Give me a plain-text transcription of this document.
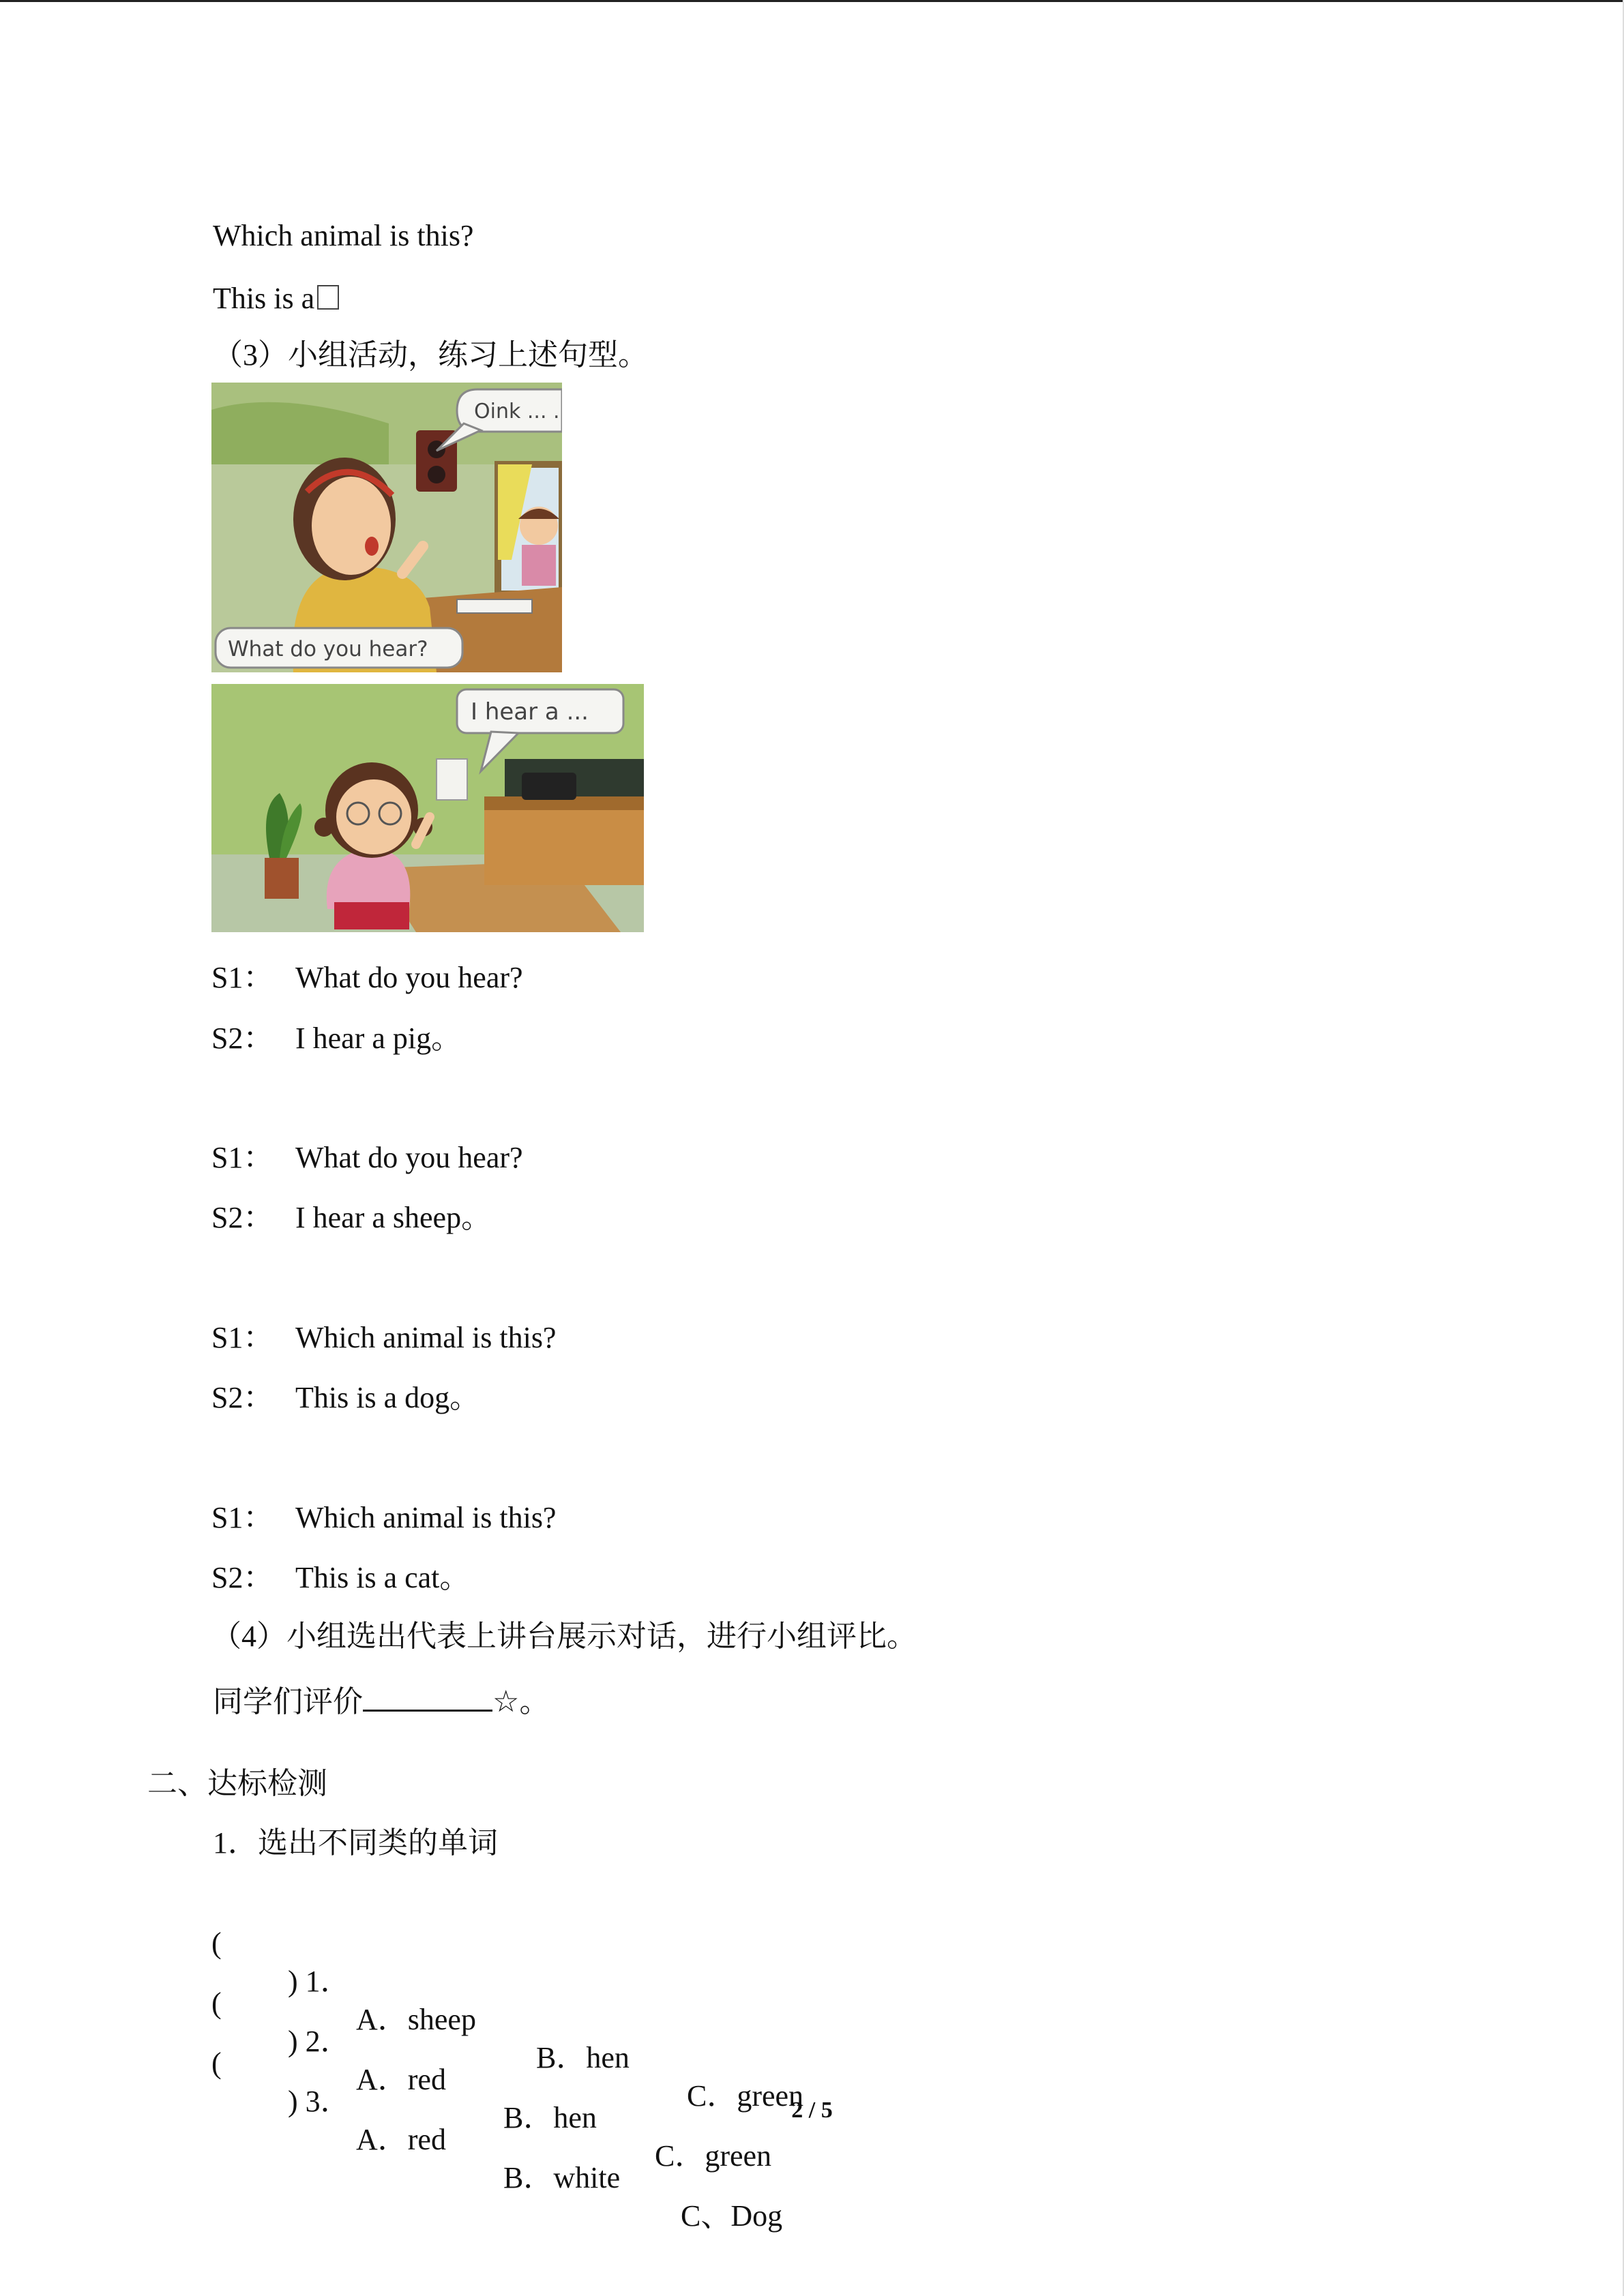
Which animal is this?
This is a
（3）小组活动，练习上述句型。
Oink ... .
What do you hear?
I hear a ...
S1： What do you hear?
S2： I hear a pig。
S1： What do you hear?
S2： I hear a sheep。
S1： Which animal is this?
S2： This is a dog。
S1： Which animal is this?
S2： This is a cat。
（4）小组选出代表上讲台展示对话，进行小组评比。
同学们评价	☆。
二、达标检测
1．选出不同类的单词

(

) 1．

A．sheep

B．hen

C．green

(

) 2．

A．red

B．hen

C．green

(

) 3．

A．red

B．white

C、Dog

2 / 5
